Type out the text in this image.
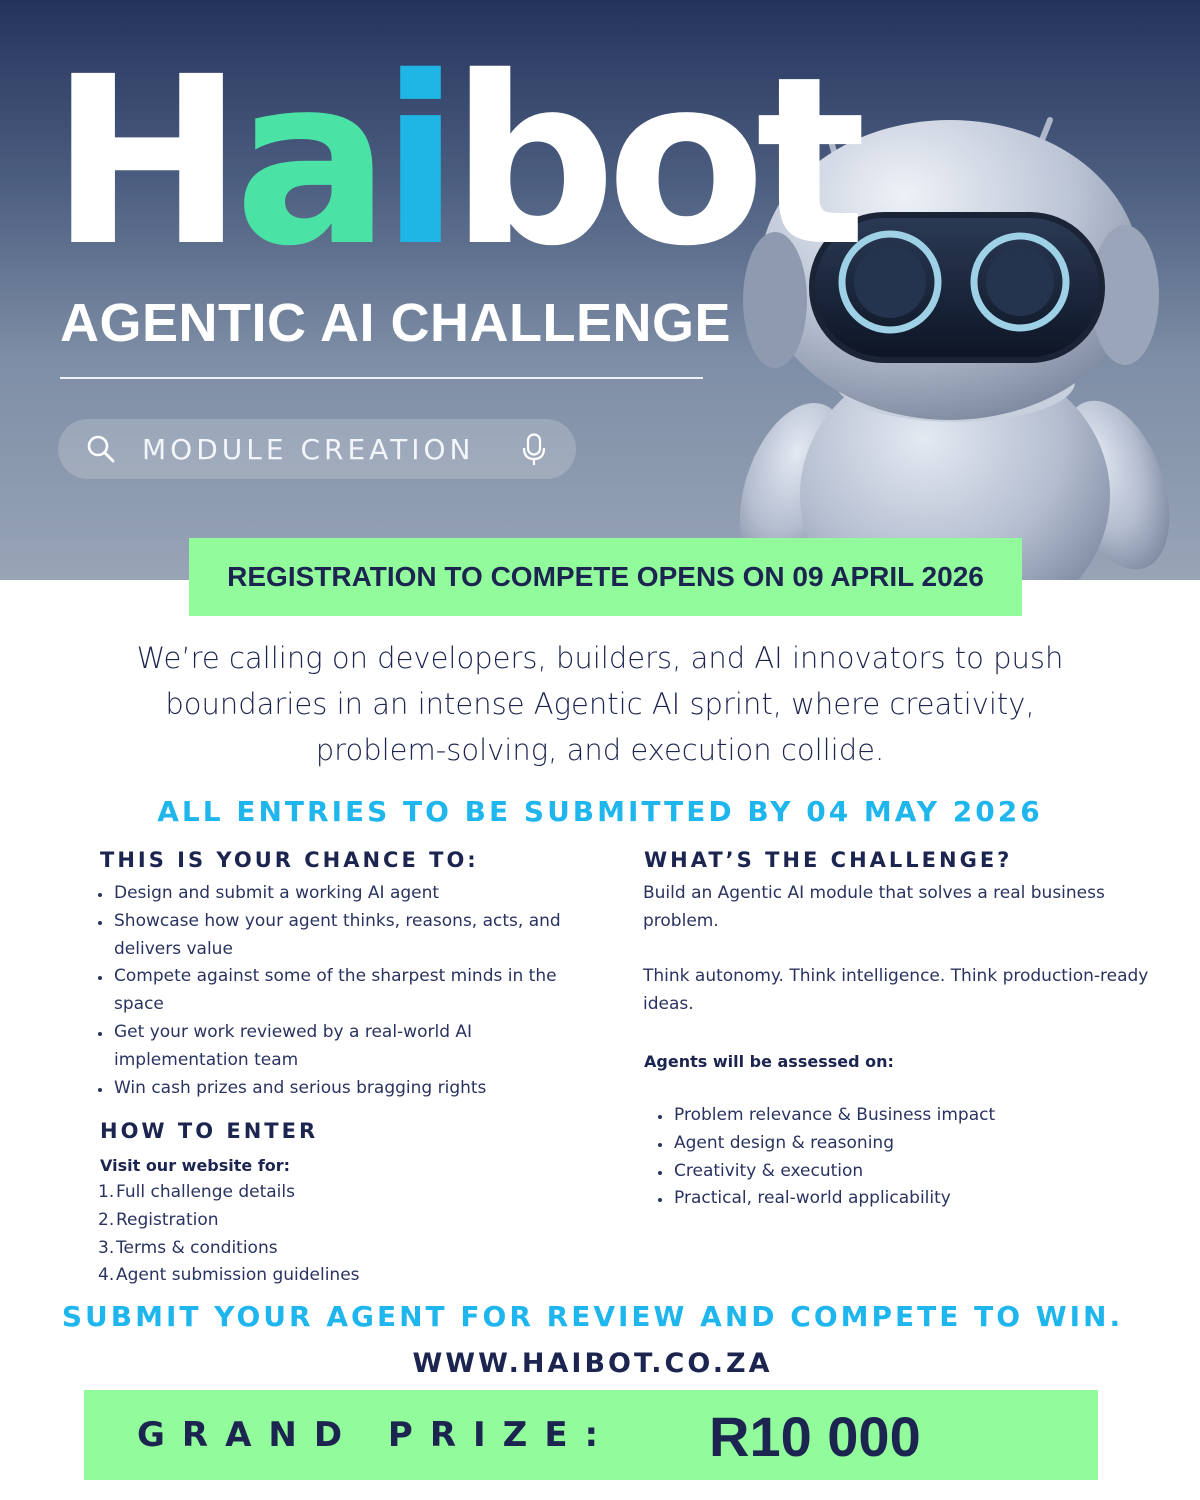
Haibot
AGENTIC AI CHALLENGE
MODULE CREATION
REGISTRATION TO COMPETE OPENS ON 09 APRIL 2026
We’re calling on developers, builders, and AI innovators to push
boundaries in an intense Agentic AI sprint, where creativity,
problem-solving, and execution collide.
ALL ENTRIES TO BE SUBMITTED BY 04 MAY 2026
THIS IS YOUR CHANCE TO:
Design and submit a working AI agent
Showcase how your agent thinks, reasons, acts, and delivers value
Compete against some of the sharpest minds in the space
Get your work reviewed by a real-world AI implementation team
Win cash prizes and serious bragging rights
HOW TO ENTER
Visit our website for:
1. Full challenge details
2. Registration
3. Terms & conditions
4. Agent submission guidelines
WHAT’S THE CHALLENGE?
Build an Agentic AI module that solves a real business problem.
Think autonomy. Think intelligence. Think production-ready ideas.
Agents will be assessed on:
Problem relevance & Business impact
Agent design & reasoning
Creativity & execution
Practical, real-world applicability
SUBMIT YOUR AGENT FOR REVIEW AND COMPETE TO WIN.
WWW.HAIBOT.CO.ZA
GRAND PRIZE: R10 000
